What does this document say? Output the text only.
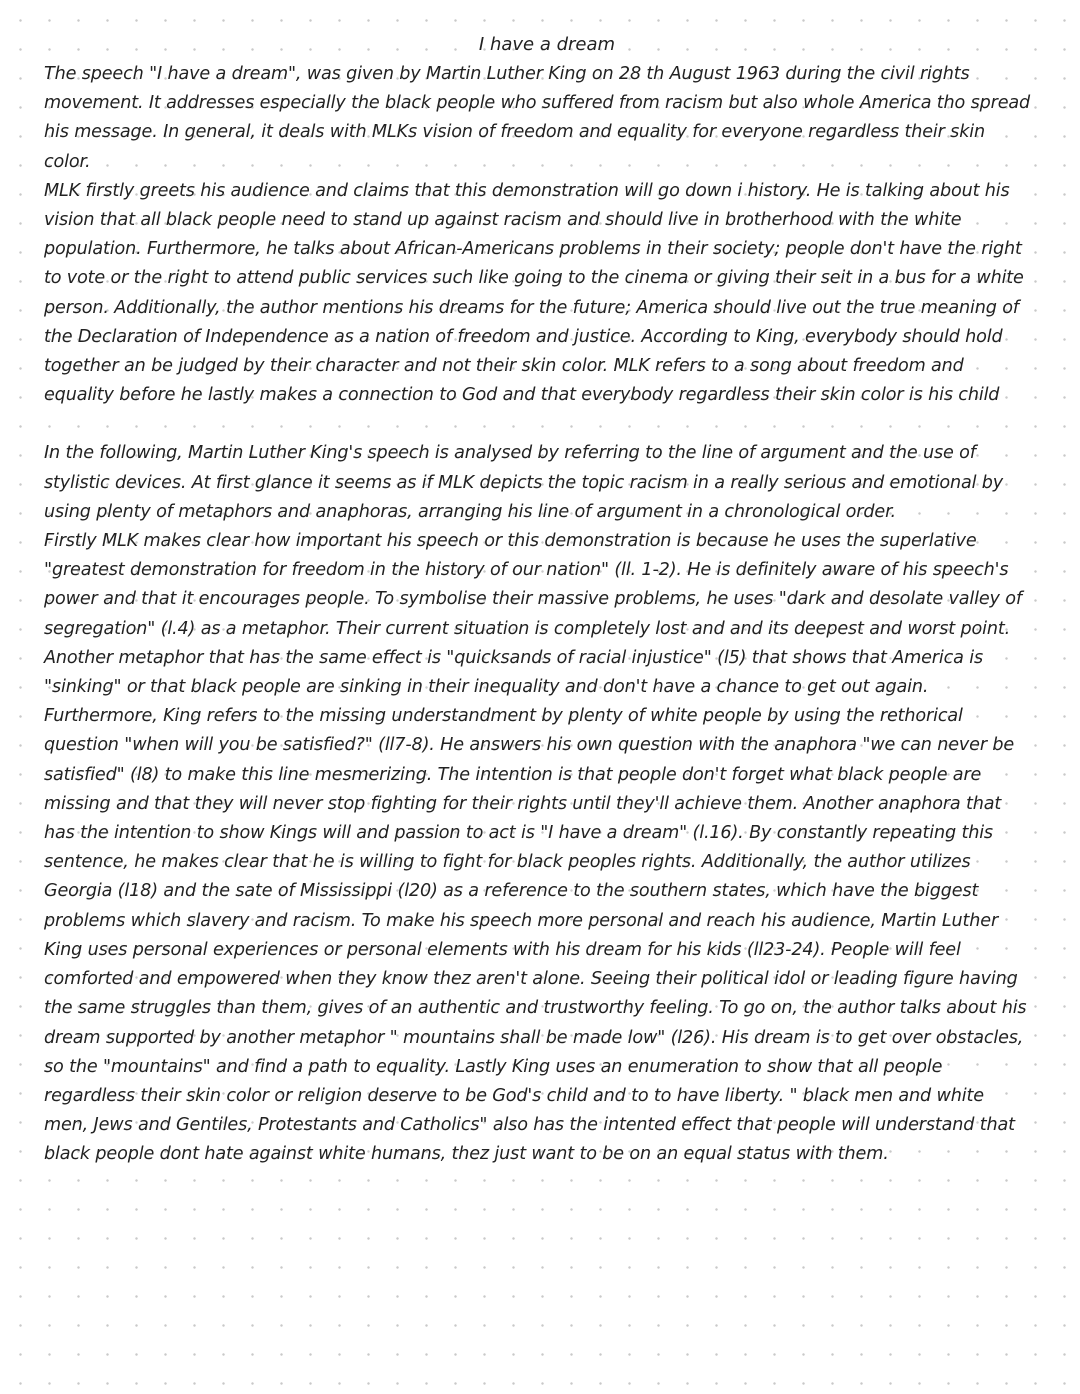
I have a dream

The speech "I have a dream", was given by Martin Luther King on 28 th August 1963 during the civil rights movement. It addresses especially the black people who suffered from racism but also whole America tho spread his message. In general, it deals with MLKs vision of freedom and equality for everyone regardless their skin color.

MLK firstly greets his audience and claims that this demonstration will go down i history. He is talking about his vision that all black people need to stand up against racism and should live in brotherhood with the white population. Furthermore, he talks about African-Americans problems in their society; people don't have the right to vote or the right to attend public services such like going to the cinema or giving their seit in a bus for a white person. Additionally, the author mentions his dreams for the future; America should live out the true meaning of the Declaration of Independence as a nation of freedom and justice. According to King, everybody should hold together an be judged by their character and not their skin color. MLK refers to a song about freedom and equality before he lastly makes a connection to God and that everybody regardless their skin color is his child

In the following, Martin Luther King's speech is analysed by referring to the line of argument and the use of stylistic devices. At first glance it seems as if MLK depicts the topic racism in a really serious and emotional by using plenty of metaphors and anaphoras, arranging his line of argument in a chronological order.

Firstly MLK makes clear how important his speech or this demonstration is because he uses the superlative "greatest demonstration for freedom in the history of our nation" (ll. 1-2). He is definitely aware of his speech's power and that it encourages people. To symbolise their massive problems, he uses "dark and desolate valley of segregation" (l.4) as a metaphor. Their current situation is completely lost and and its deepest and worst point. Another metaphor that has the same effect is "quicksands of racial injustice" (l5) that shows that America is "sinking" or that black people are sinking in their inequality and don't have a chance to get out again.

Furthermore, King refers to the missing understandment by plenty of white people by using the rethorical question "when will you be satisfied?" (ll7-8). He answers his own question with the anaphora "we can never be satisfied" (l8) to make this line mesmerizing. The intention is that people don't forget what black people are missing and that they will never stop fighting for their rights until they'll achieve them. Another anaphora that has the intention to show Kings will and passion to act is "I have a dream" (l.16). By constantly repeating this sentence, he makes clear that he is willing to fight for black peoples rights. Additionally, the author utilizes Georgia (l18) and the sate of Mississippi (l20) as a reference to the southern states, which have the biggest problems which slavery and racism. To make his speech more personal and reach his audience, Martin Luther King uses personal experiences or personal elements with his dream for his kids (ll23-24). People will feel comforted and empowered when they know thez aren't alone. Seeing their political idol or leading figure having the same struggles than them, gives of an authentic and trustworthy feeling. To go on, the author talks about his dream supported by another metaphor " mountains shall be made low" (l26). His dream is to get over obstacles, so the "mountains" and find a path to equality. Lastly King uses an enumeration to show that all people regardless their skin color or religion deserve to be God's child and to to have liberty. " black men and white men, Jews and Gentiles, Protestants and Catholics" also has the intented effect that people will understand that black people dont hate against white humans, thez just want to be on an equal status with them.
